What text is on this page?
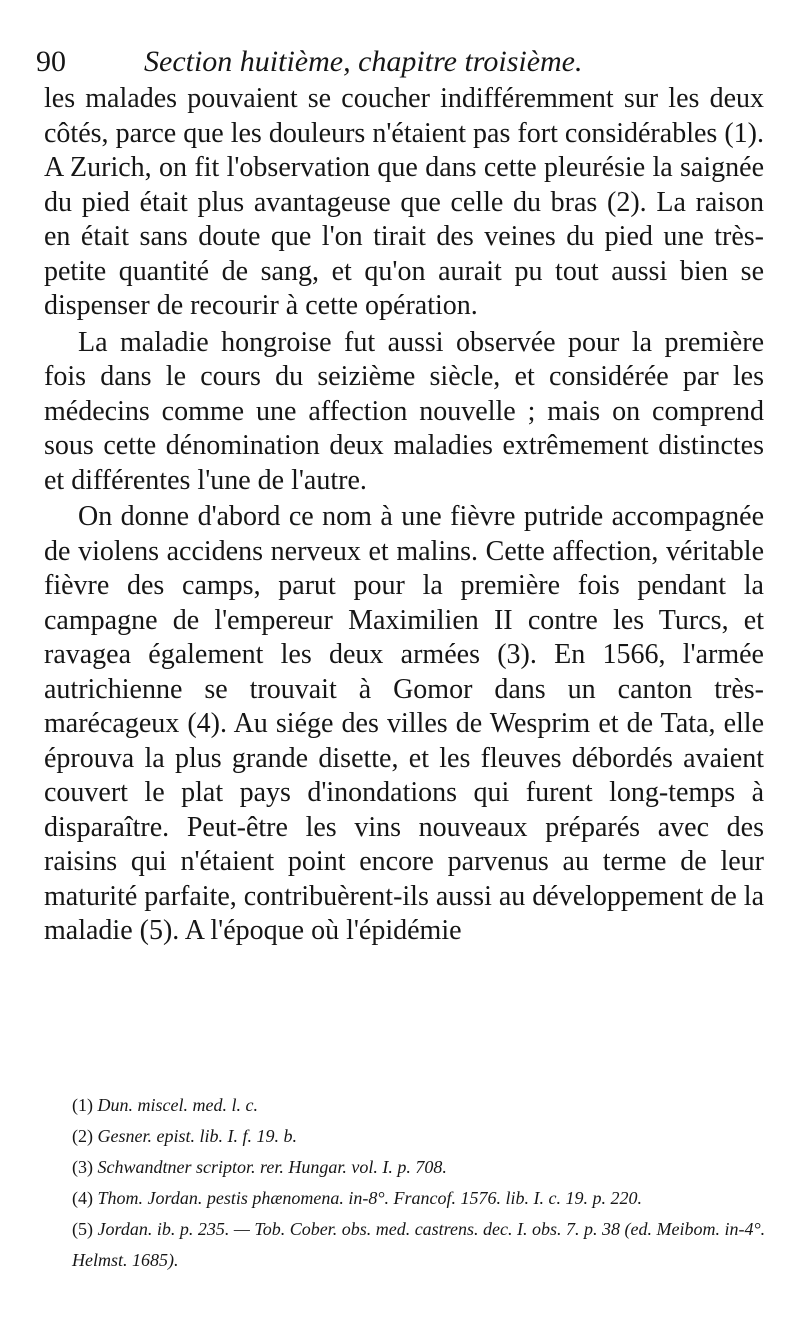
90	Section huitième, chapitre troisième.

les malades pouvaient se coucher indifféremment sur les deux côtés, parce que les douleurs n'étaient pas fort considérables (1). A Zurich, on fit l'observation que dans cette pleurésie la saignée du pied était plus avantageuse que celle du bras (2). La raison en était sans doute que l'on tirait des veines du pied une très-petite quantité de sang, et qu'on aurait pu tout aussi bien se dispenser de recourir à cette opération.

La maladie hongroise fut aussi observée pour la première fois dans le cours du seizième siècle, et considérée par les médecins comme une affection nouvelle ; mais on comprend sous cette dénomination deux maladies extrêmement distinctes et différentes l'une de l'autre.

On donne d'abord ce nom à une fièvre putride accompagnée de violens accidens nerveux et malins. Cette affection, véritable fièvre des camps, parut pour la première fois pendant la campagne de l'empereur Maximilien II contre les Turcs, et ravagea également les deux armées (3). En 1566, l'armée autrichienne se trouvait à Gomor dans un canton très-marécageux (4). Au siége des villes de Wesprim et de Tata, elle éprouva la plus grande disette, et les fleuves débordés avaient couvert le plat pays d'inondations qui furent long-temps à disparaître. Peut-être les vins nouveaux préparés avec des raisins qui n'étaient point encore parvenus au terme de leur maturité parfaite, contribuèrent-ils aussi au développement de la maladie (5). A l'époque où l'épidémie

(1) Dun. miscel. med. l. c.

(2) Gesner. epist. lib. I. f. 19. b.

(3) Schwandtner scriptor. rer. Hungar. vol. I. p. 708.

(4) Thom. Jordan. pestis phænomena. in-8°. Francof. 1576. lib. I. c. 19. p. 220.

(5) Jordan. ib. p. 235. — Tob. Cober. obs. med. castrens. dec. I. obs. 7. p. 38 (ed. Meibom. in-4°. Helmst. 1685).
